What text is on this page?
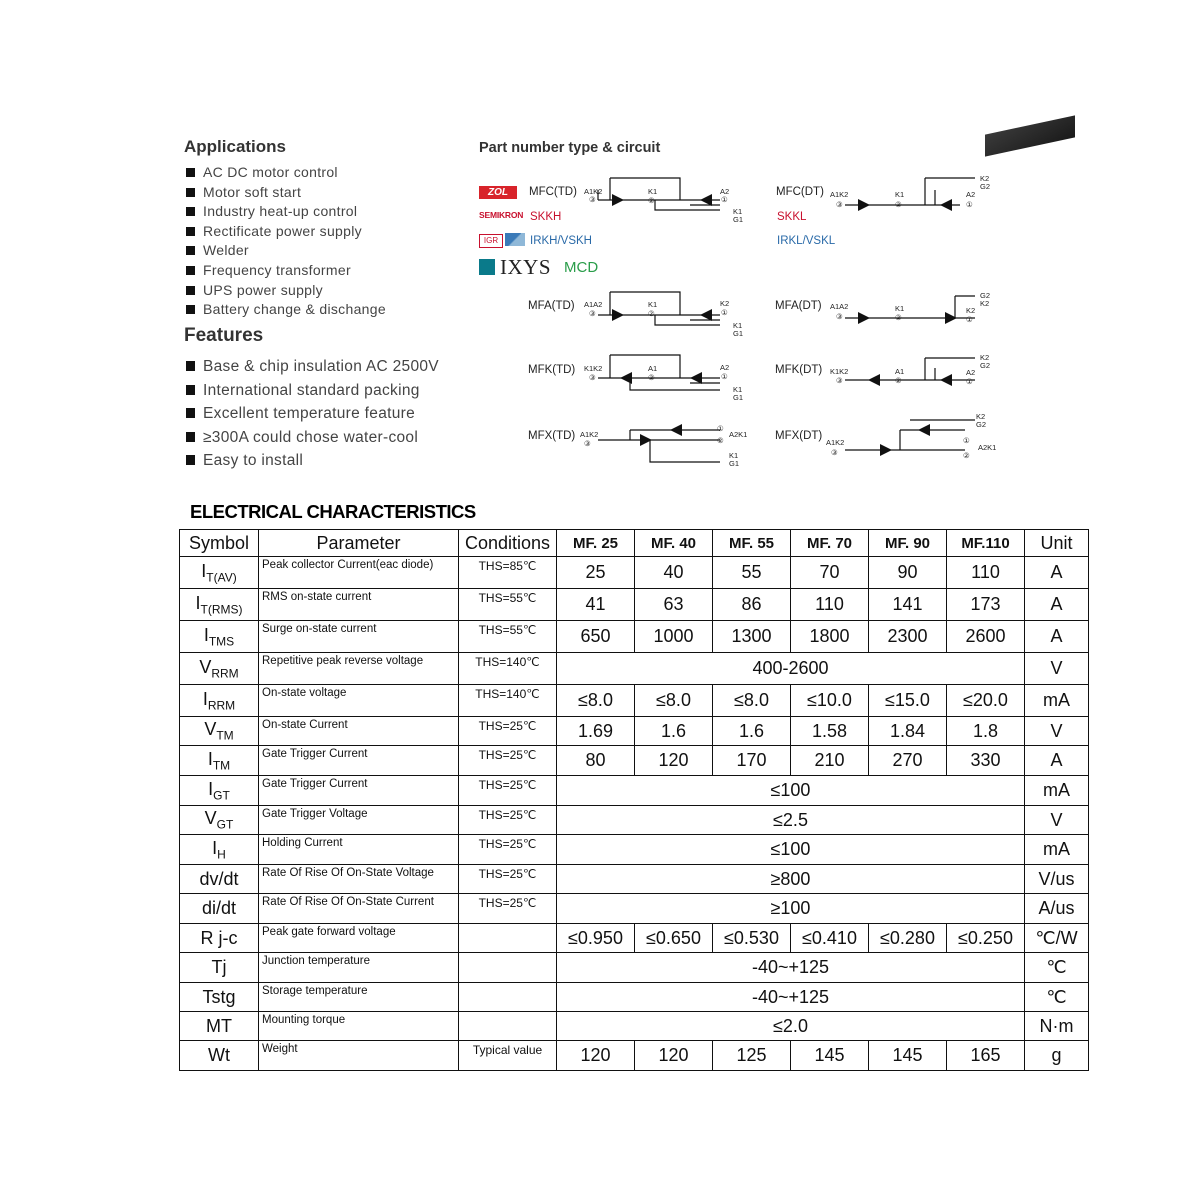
Applications
AC DC motor control
Motor soft start
Industry heat-up control
Rectificate power supply
Welder
Frequency transformer
UPS power supply
Battery change & dischange
Features
Base & chip insulation AC 2500V
International standard packing
Excellent temperature feature
≥300A could chose water-cool
Easy to install
Part number type & circuit
ZOL
SEMIKRON
IGR
IXYS MCD
MFC(TD)
SKKH
IRKH/VSKH
MFC(DT)
SKKL
IRKL/VSKL
MFA(TD)	MFA(DT)
MFK(TD)	MFK(DT)
MFX(TD)	MFX(DT)
A1K2
③
K1
②
A2
①
K1
G1
A1K2
③
K1
②
A2
①
K2
G2
A1A2
③
K1
②
K2
①
K1
G1
A1A2
③
K1
②
K2
①
G2
K2
K1K2
③
A1
②
A2
①
K1
G1
K1K2
③
A1
②
A2
①
K2
G2
A1K2
③
①
②
A2K1
K1
G1
A1K2
③
①
②
A2K1
K2
G2
ELECTRICAL CHARACTERISTICS
Symbol	Parameter	Conditions	MF. 25	MF. 40	MF. 55	MF. 70	MF. 90	MF.110	Unit
$I_{T(AV)}$	Peak collector Current(eac diode)	THS=85℃	25	40	55	70	90	110	A
$I_{T(RMS)}$	RMS on-state current	THS=55℃	41	63	86	110	141	173	A
$I_{TMS}$	Surge on-state current	THS=55℃	650	1000	1300	1800	2300	2600	A
$V_{RRM}$	Repetitive peak reverse voltage	THS=140℃	400-2600						V
$I_{RRM}$	On-state voltage	THS=140℃	≤8.0	≤8.0	≤8.0	≤10.0	≤15.0	≤20.0	mA
$V_{TM}$	On-state Current	THS=25℃	1.69	1.6	1.6	1.58	1.84	1.8	V
$I_{TM}$	Gate Trigger Current	THS=25℃	80	120	170	210	270	330	A
$I_{GT}$	Gate Trigger Current	THS=25℃	≤100						mA
$V_{GT}$	Gate Trigger Voltage	THS=25℃	≤2.5						V
$I_H$	Holding Current	THS=25℃	≤100						mA
dv/dt	Rate Of Rise Of On-State Voltage	THS=25℃	≥800						V/us
di/dt	Rate Of Rise Of On-State Current	THS=25℃	≥100						A/us
R j-c	Peak gate forward voltage		≤0.950	≤0.650	≤0.530	≤0.410	≤0.280	≤0.250	℃/W
Tj	Junction temperature		-40~+125						℃
Tstg	Storage temperature		-40~+125						℃
MT	Mounting torque		≤2.0						N·m
Wt	Weight	Typical value	120	120	125	145	145	165	g
